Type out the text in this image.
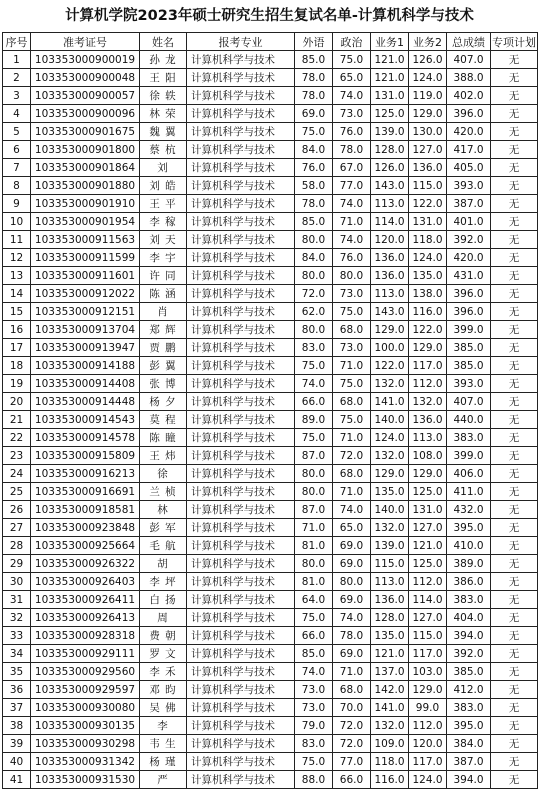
计算机学院2023年硕士研究生招生复试名单-计算机科学与技术
序号	准考证号	姓名	报考专业	外语	政治	业务1	业务2	总成绩	专项计划
1	103353000900019	孙 龙	计算机科学与技术	85.0	75.0	121.0	126.0	407.0	无
2	103353000900048	王 阳	计算机科学与技术	78.0	65.0	121.0	124.0	388.0	无
3	103353000900057	徐 轶	计算机科学与技术	78.0	74.0	131.0	119.0	402.0	无
4	103353000900096	林 荣	计算机科学与技术	69.0	73.0	125.0	129.0	396.0	无
5	103353000901675	魏 翼	计算机科学与技术	75.0	76.0	139.0	130.0	420.0	无
6	103353000901800	蔡 杭	计算机科学与技术	84.0	78.0	128.0	127.0	417.0	无
7	103353000901864	刘	计算机科学与技术	76.0	67.0	126.0	136.0	405.0	无
8	103353000901880	刘 皓	计算机科学与技术	58.0	77.0	143.0	115.0	393.0	无
9	103353000901910	王 平	计算机科学与技术	78.0	74.0	113.0	122.0	387.0	无
10	103353000901954	李 稼	计算机科学与技术	85.0	71.0	114.0	131.0	401.0	无
11	103353000911563	刘 天	计算机科学与技术	80.0	74.0	120.0	118.0	392.0	无
12	103353000911599	李 宇	计算机科学与技术	84.0	76.0	136.0	124.0	420.0	无
13	103353000911601	许 同	计算机科学与技术	80.0	80.0	136.0	135.0	431.0	无
14	103353000912022	陈 涵	计算机科学与技术	72.0	73.0	113.0	138.0	396.0	无
15	103353000912151	肖	计算机科学与技术	62.0	75.0	143.0	116.0	396.0	无
16	103353000913704	郑 辉	计算机科学与技术	80.0	68.0	129.0	122.0	399.0	无
17	103353000913947	贾 鹏	计算机科学与技术	83.0	73.0	100.0	129.0	385.0	无
18	103353000914188	彭 翼	计算机科学与技术	75.0	71.0	122.0	117.0	385.0	无
19	103353000914408	张 博	计算机科学与技术	74.0	75.0	132.0	112.0	393.0	无
20	103353000914448	杨 夕	计算机科学与技术	66.0	68.0	141.0	132.0	407.0	无
21	103353000914543	莫 程	计算机科学与技术	89.0	75.0	140.0	136.0	440.0	无
22	103353000914578	陈 瞳	计算机科学与技术	75.0	71.0	124.0	113.0	383.0	无
23	103353000915809	王 炜	计算机科学与技术	87.0	72.0	132.0	108.0	399.0	无
24	103353000916213	徐	计算机科学与技术	80.0	68.0	129.0	129.0	406.0	无
25	103353000916691	兰 桢	计算机科学与技术	80.0	71.0	135.0	125.0	411.0	无
26	103353000918581	林	计算机科学与技术	87.0	74.0	140.0	131.0	432.0	无
27	103353000923848	彭 军	计算机科学与技术	71.0	65.0	132.0	127.0	395.0	无
28	103353000925664	毛 航	计算机科学与技术	81.0	69.0	139.0	121.0	410.0	无
29	103353000926322	胡	计算机科学与技术	80.0	69.0	115.0	125.0	389.0	无
30	103353000926403	李 坪	计算机科学与技术	81.0	80.0	113.0	112.0	386.0	无
31	103353000926411	白 扬	计算机科学与技术	64.0	69.0	136.0	114.0	383.0	无
32	103353000926413	周	计算机科学与技术	75.0	74.0	128.0	127.0	404.0	无
33	103353000928318	费 朝	计算机科学与技术	66.0	78.0	135.0	115.0	394.0	无
34	103353000929111	罗 文	计算机科学与技术	85.0	69.0	121.0	117.0	392.0	无
35	103353000929560	李 禾	计算机科学与技术	74.0	71.0	137.0	103.0	385.0	无
36	103353000929597	邓 昀	计算机科学与技术	73.0	68.0	142.0	129.0	412.0	无
37	103353000930080	吴 佛	计算机科学与技术	73.0	70.0	141.0	99.0	383.0	无
38	103353000930135	李	计算机科学与技术	79.0	72.0	132.0	112.0	395.0	无
39	103353000930298	韦 生	计算机科学与技术	83.0	72.0	109.0	120.0	384.0	无
40	103353000931342	杨 瑾	计算机科学与技术	75.0	77.0	118.0	117.0	387.0	无
41	103353000931530	严	计算机科学与技术	88.0	66.0	116.0	124.0	394.0	无
